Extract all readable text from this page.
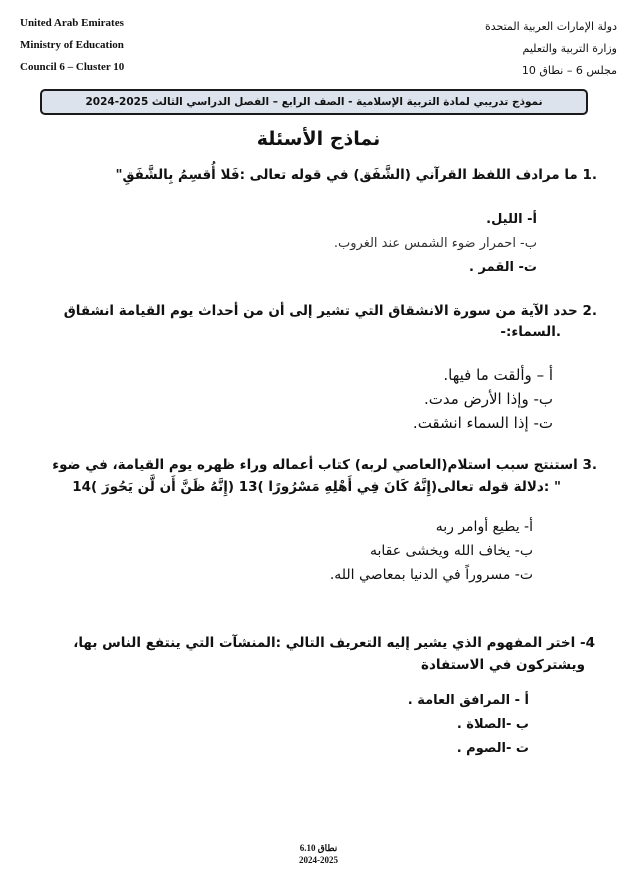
United Arab Emirates
Ministry of Education
Council 6 – Cluster 10
دولة الإمارات العربية المتحدة
وزارة التربية والتعليم
مجلس 6 – نطاق 10
نموذج تدريبي لمادة التربية الإسلامية - الصف الرابع – الفصل الدراسي الثالث 2025-2024
نماذج الأسئلة
.1 ما مرادف اللفظ القرآني (الشَّفَق) في قوله تعالى :فَلا أُقسِمُ بِالشَّفَقِ"
أ- الليل.
ب- احمرار ضوء الشمس عند الغروب.
ت- القمر .
.2 حدد الآية من سورة الانشقاق التي تشير إلى أن من أحداث يوم القيامة انشقاق
.السماء:-
أ – وألقت ما فيها.
ب- وإذا الأرض مدت.
ت- إذا السماء انشقت.
.3 استنتج سبب استلام(العاصي لربه) كتاب أعماله وراء ظهره يوم القيامة، في ضوء
" :دلالة قوله تعالى(إِنَّهُ كَانَ فِي أَهْلِهِ مَسْرُورًا )13 (إِنَّهُ ظَنَّ أَن لَّن يَحُورَ )14
أ- يطيع أوامر ربه
ب- يخاف الله ويخشى عقابه
ت- مسروراً في الدنيا بمعاصي الله.
4- اختر المفهوم الذي يشير إليه التعريف التالي :المنشآت التي ينتفع الناس بها،
ويشتركون في الاستفادة
أ - المرافق العامة .
ب -الصلاة .
ت -الصوم .
نطاق 6.10
2024-2025
